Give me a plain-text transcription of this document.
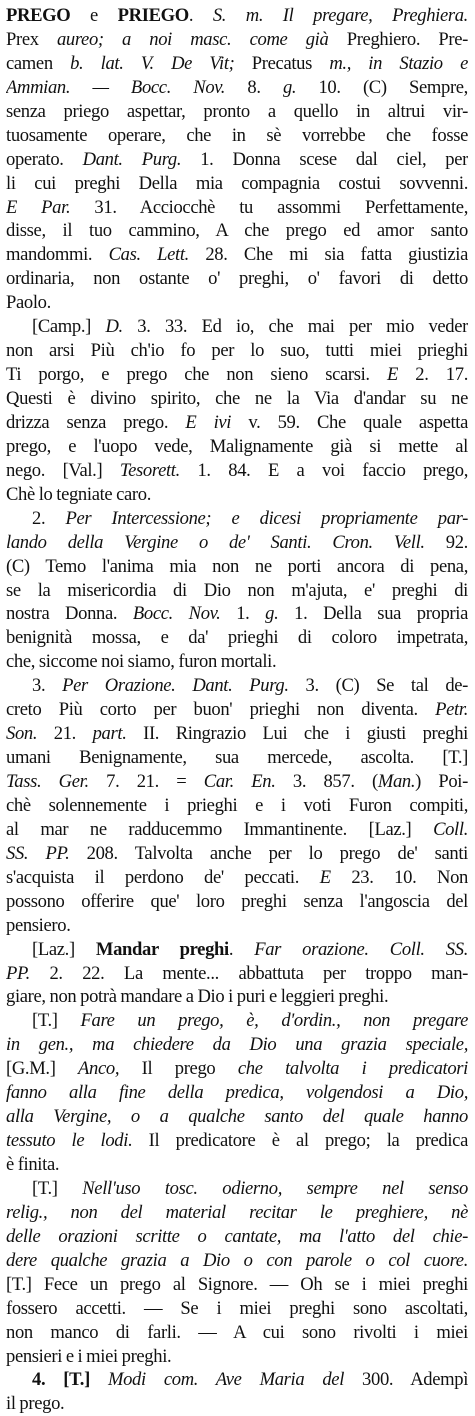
PREGO e PRIEGO. S. m. Il pregare, Preghiera.
Prex aureo; a noi masc. come già Preghiero. Pre-
camen b. lat. V. De Vit; Precatus m., in Stazio e
Ammian. — Bocc. Nov. 8. g. 10. (C) Sempre,
senza priego aspettar, pronto a quello in altrui vir-
tuosamente operare, che in sè vorrebbe che fosse
operato. Dant. Purg. 1. Donna scese dal ciel, per
li cui preghi Della mia compagnia costui sovvenni.
E Par. 31. Acciocchè tu assommi Perfettamente,
disse, il tuo cammino, A che prego ed amor santo
mandommi. Cas. Lett. 28. Che mi sia fatta giustizia
ordinaria, non ostante o' preghi, o' favori di detto
Paolo.
[Camp.] D. 3. 33. Ed io, che mai per mio veder
non arsi Più ch'io fo per lo suo, tutti miei prieghi
Ti porgo, e prego che non sieno scarsi. E 2. 17.
Questi è divino spirito, che ne la Via d'andar su ne
drizza senza prego. E ivi v. 59. Che quale aspetta
prego, e l'uopo vede, Malignamente già si mette al
nego. [Val.] Tesorett. 1. 84. E a voi faccio prego,
Chè lo tegniate caro.
2. Per Intercessione; e dicesi propriamente par-
lando della Vergine o de' Santi. Cron. Vell. 92.
(C) Temo l'anima mia non ne porti ancora di pena,
se la misericordia di Dio non m'ajuta, e' preghi di
nostra Donna. Bocc. Nov. 1. g. 1. Della sua propria
benignità mossa, e da' prieghi di coloro impetrata,
che, siccome noi siamo, furon mortali.
3. Per Orazione. Dant. Purg. 3. (C) Se tal de-
creto Più corto per buon' prieghi non diventa. Petr.
Son. 21. part. II. Ringrazio Lui che i giusti preghi
umani Benignamente, sua mercede, ascolta. [T.]
Tass. Ger. 7. 21. = Car. En. 3. 857. (Man.) Poi-
chè solennemente i prieghi e i voti Furon compiti,
al mar ne radducemmo Immantinente. [Laz.] Coll.
SS. PP. 208. Talvolta anche per lo prego de' santi
s'acquista il perdono de' peccati. E 23. 10. Non
possono offerire que' loro preghi senza l'angoscia del
pensiero.
[Laz.] Mandar preghi. Far orazione. Coll. SS.
PP. 2. 22. La mente... abbattuta per troppo man-
giare, non potrà mandare a Dio i puri e leggieri preghi.
[T.] Fare un prego, è, d'ordin., non pregare
in gen., ma chiedere da Dio una grazia speciale,
[G.M.] Anco, Il prego che talvolta i predicatori
fanno alla fine della predica, volgendosi a Dio,
alla Vergine, o a qualche santo del quale hanno
tessuto le lodi. Il predicatore è al prego; la predica
è finita.
[T.] Nell'uso tosc. odierno, sempre nel senso
relig., non del material recitar le preghiere, nè
delle orazioni scritte o cantate, ma l'atto del chie-
dere qualche grazia a Dio o con parole o col cuore.
[T.] Fece un prego al Signore. — Oh se i miei preghi
fossero accetti. — Se i miei preghi sono ascoltati,
non manco di farli. — A cui sono rivolti i miei
pensieri e i miei preghi.
4. [T.] Modi com. Ave Maria del 300. Adempì
il prego.
